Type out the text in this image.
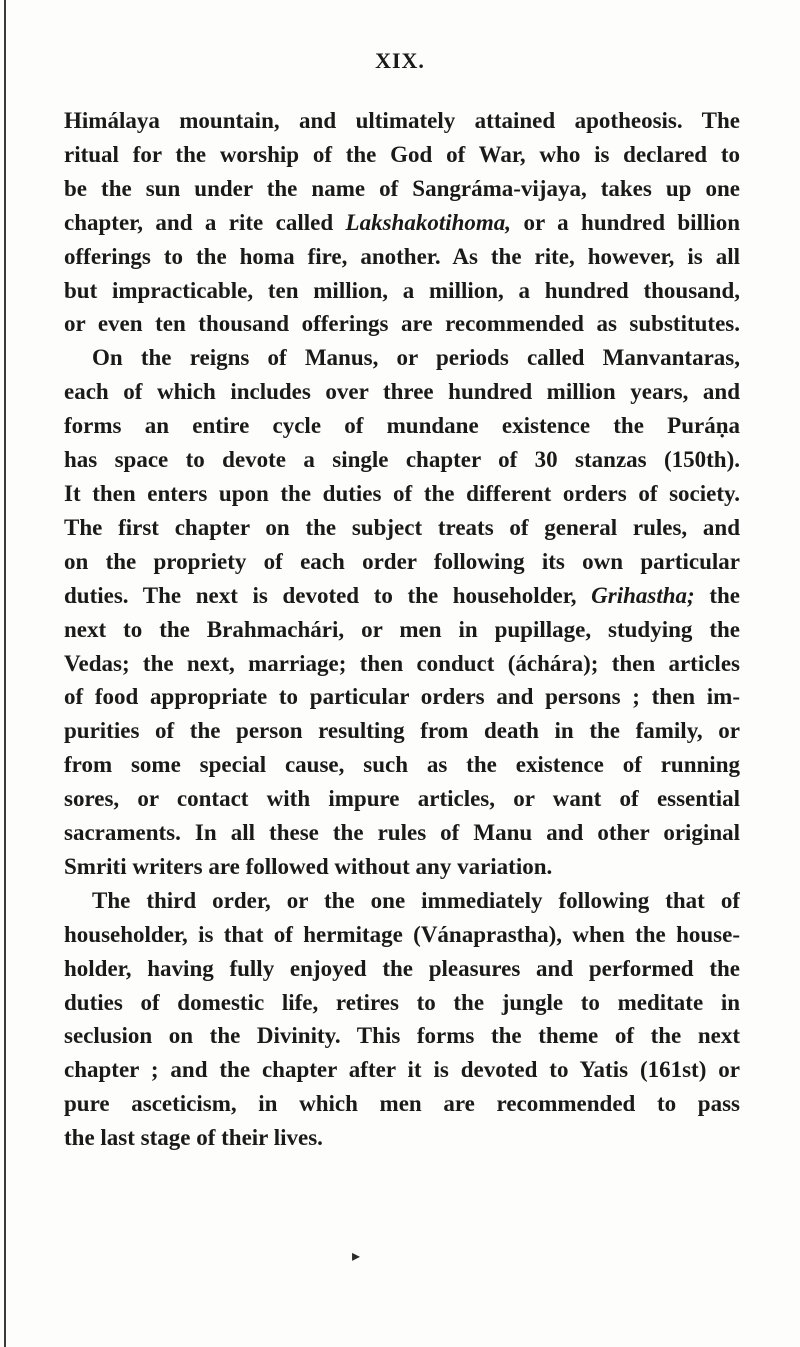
XIX.
Himálaya mountain, and ultimately attained apotheosis. The
ritual for the worship of the God of War, who is declared to
be the sun under the name of Sangráma-vijaya, takes up one
chapter, and a rite called Lakshakotihoma, or a hundred billion
offerings to the homa fire, another. As the rite, however, is all
but impracticable, ten million, a million, a hundred thousand,
or even ten thousand offerings are recommended as substitutes.
On the reigns of Manus, or periods called Manvantaras,
each of which includes over three hundred million years, and
forms an entire cycle of mundane existence the Puráṇa
has space to devote a single chapter of 30 stanzas (150th).
It then enters upon the duties of the different orders of society.
The first chapter on the subject treats of general rules, and
on the propriety of each order following its own particular
duties. The next is devoted to the householder, Grihastha; the
next to the Brahmachári, or men in pupillage, studying the
Vedas; the next, marriage; then conduct (áchára); then articles
of food appropriate to particular orders and persons ; then im-
purities of the person resulting from death in the family, or
from some special cause, such as the existence of running
sores, or contact with impure articles, or want of essential
sacraments. In all these the rules of Manu and other original
Smriti writers are followed without any variation.
The third order, or the one immediately following that of
householder, is that of hermitage (Vánaprastha), when the house-
holder, having fully enjoyed the pleasures and performed the
duties of domestic life, retires to the jungle to meditate in
seclusion on the Divinity. This forms the theme of the next
chapter ; and the chapter after it is devoted to Yatis (161st) or
pure asceticism, in which men are recommended to pass
the last stage of their lives.
▸
